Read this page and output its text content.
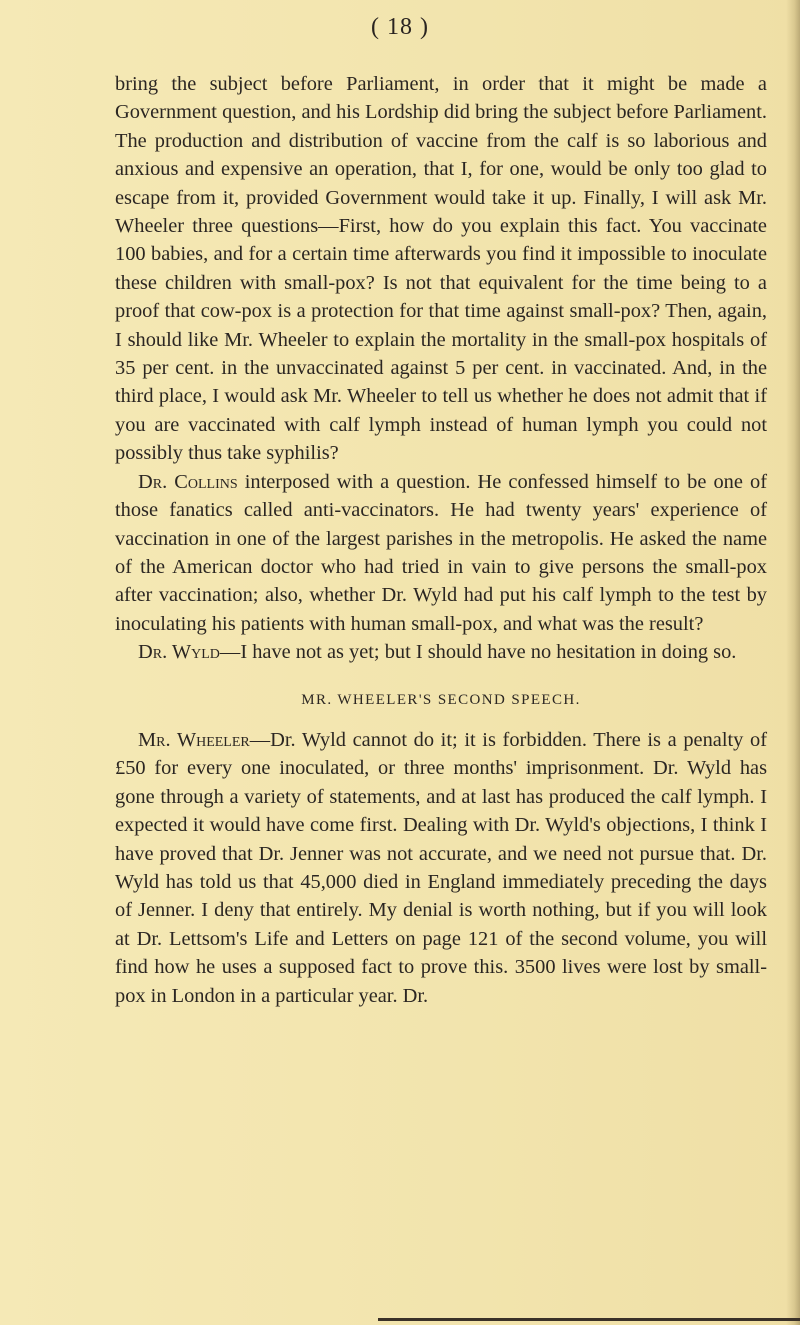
( 18 )

bring the subject before Parliament, in order that it might be made a Government question, and his Lordship did bring the subject before Parliament. The production and distribution of vaccine from the calf is so laborious and anxious and expensive an operation, that I, for one, would be only too glad to escape from it, provided Government would take it up. Finally, I will ask Mr. Wheeler three questions—First, how do you explain this fact. You vaccinate 100 babies, and for a certain time afterwards you find it impossible to inoculate these children with small-pox? Is not that equivalent for the time being to a proof that cow-pox is a protection for that time against small-pox? Then, again, I should like Mr. Wheeler to explain the mortality in the small-pox hospitals of 35 per cent. in the unvaccinated against 5 per cent. in vaccinated. And, in the third place, I would ask Mr. Wheeler to tell us whether he does not admit that if you are vaccinated with calf lymph instead of human lymph you could not possibly thus take syphilis?

Dr. Collins interposed with a question. He confessed himself to be one of those fanatics called anti-vaccinators. He had twenty years' experience of vaccination in one of the largest parishes in the metropolis. He asked the name of the American doctor who had tried in vain to give persons the small-pox after vaccination; also, whether Dr. Wyld had put his calf lymph to the test by inoculating his patients with human small-pox, and what was the result?

Dr. Wyld—I have not as yet; but I should have no hesitation in doing so.

MR. WHEELER'S SECOND SPEECH.

Mr. Wheeler—Dr. Wyld cannot do it; it is forbidden. There is a penalty of £50 for every one inoculated, or three months' imprisonment. Dr. Wyld has gone through a variety of statements, and at last has produced the calf lymph. I expected it would have come first. Dealing with Dr. Wyld's objections, I think I have proved that Dr. Jenner was not accurate, and we need not pursue that. Dr. Wyld has told us that 45,000 died in England immediately preceding the days of Jenner. I deny that entirely. My denial is worth nothing, but if you will look at Dr. Lettsom's Life and Letters on page 121 of the second volume, you will find how he uses a supposed fact to prove this. 3500 lives were lost by small-pox in London in a particular year. Dr.
